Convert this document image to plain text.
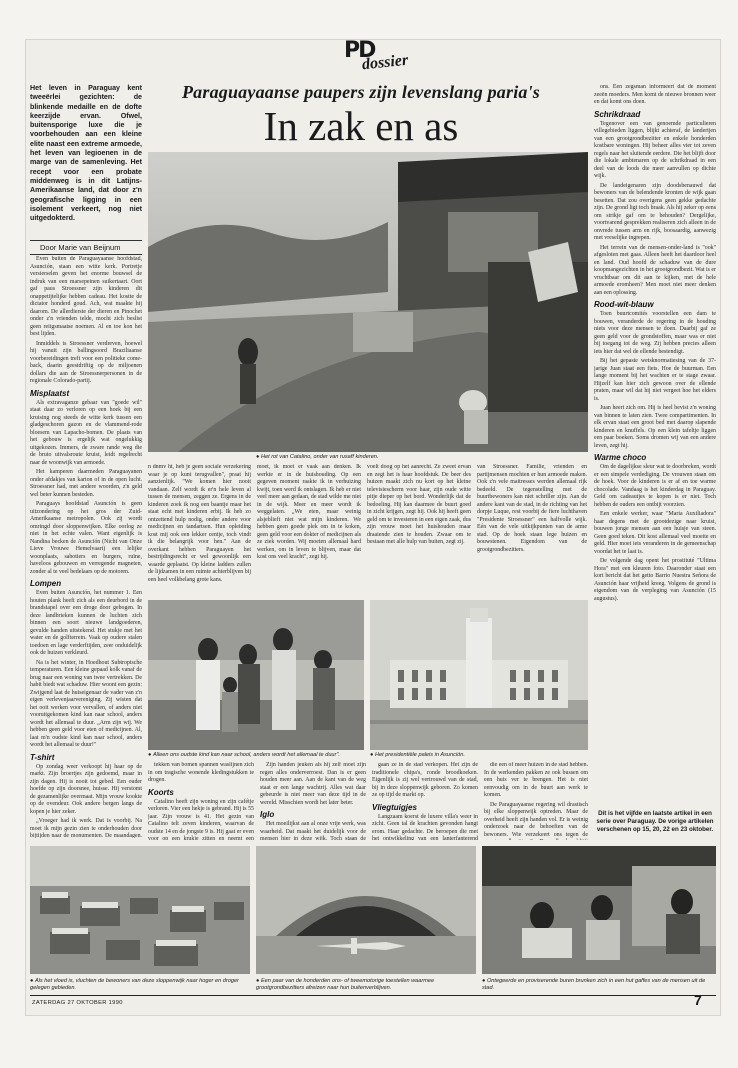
PD
dossier
Het leven in Paraguay kent tweeërlei gezichten: de blinkende medaille en de dofte keerzijde ervan. Ofwel, buitensporige luxe die je voorbehouden aan een kleine elite naast een extreme armoede, het leven van legioenen in de marge van de samenleving. Het recept voor een probate middenweg is in dit Latijns-Amerikaanse land, dat door z'n geografische ligging in een isolement verkeert, nog niet uitgedokterd.
Door Marie van Beijnum
Paraguayaanse paupers zijn levenslang paria's
In zak en as

Even buiten de Paraguayaanse hoofdstad, Asunción, staan een witte kerk. Portretje versierselen geven het enorme bouwsel de indruk van een marsepeinen suikertaart. Oort gaf paus Stroessner zijn kinderen dit onappetijtelijke hebben cadeau. Het kostte de dictator honderd goud. Ach, wat maakte hij daarom. De allerdierste der dieren en Pinochet onder z'n vrienden telde, mocht zich beslist geen reiigsmaatse noemen. Al en toe kon het best lijden.

Inmiddels is Stroessner verdreven, hoewel hij vanuit zijn ballingsoord Braziliaanse voorbereidingen treft voor een politieke come-back, daarin geestdriftig op de miljoenen dollars die aan de Stroessnerpersonen in de regionale Colorado-partij.

Misplaatst

Als extravaganze gebaar van "goede wil" staat daar zo verloren op een hoek bij een kruising nog steeds de witte kerk tussen een gladgeschoren gazon en de vlammend-rode bloesem van Lapacho-bomen. De plaats van het gebouw is ergelijk wat ongelukkig uitgekozen. Immers, de zware rande weg die de bruto uitvalsroute kruist, leidt regelrecht naar de woonwijk van armoede.

Het kamperen daarmeden Paraguayanen onder afdakjes van karton of in de open lucht. Stroessner had, met andere woorden, z'n geld wel beter kunnen besteden.

Paraguays hoofdstad Asunción is geen uitzondering op het gros der Zuid-Amerikaanse metropolen. Ook zij wordt omringd door sloppenwijken. Elke oorlog ze niet in het echte valen. Want eigenlijk is Nandina becken de Asunción (Nicht van Onze Lieve Vrouwe Hemelvaart) een lelijke woonplaats, sabotiers en burgers, ruïne, haveloos gebouwen en verregende magneten, zonder al te veel bedelaars op de motoren.

Lompen

Even buiten Asunción, het nummer 1. Een houten plank heeft zich als een deurbord in de brandstapel over een droge door gebogen. In deze landbrieken kunnen de luchten zich binnen een soort nieuwe landgoederen, gevulde handen uitstekend. Het stukje met het water en de golfterrein. Vaak op oudere stalen toedoen en lage verderftijden, zeer onduidelijk ook de huizen verkleurd.

Na is het winter, in Hoedhout Subtropische temperaturen. Een kleine gepaad kolk vanaf de brug naar een woning van twee vertrekken. De habit biedt wat schaduw. Hier woont een gezin: Zwijgend laat de huiseigenaar de vader van z'n eigen verlevenjaarvereniging. Zij wisten dat het ooit werken voor vervallen, of anders niet vooruitgekomen kind kan naar school, anders wordt het allemaal te duur. „Arm zijn wij. We hebben geen geld voor eten of medicijnen. Al, laat m'n oudste kind kan naar school, anders wordt het allemaal te duur!"

T-shirt

Op zondag weer verkoopt hij haar op de markt. Zijn broertjes zijn gedoemd, maar in zijn dagen. Hij is nooit tot gebed. Een ouder hoefde op zijn doorsnee, huisse. Hij verstomt de gezamenlijke overmaat. Mijn vrouw kookte op de ovendeur. Ook andere bergen langs de kopen je hier zeker.

„Vroeger had ik werk. Dat is voorbij. Na moet ik mijn gezin zien te onderhouden door bijtijden naar de monumenten. De maandagen.

● Het rot van Catalino, onder van rusaff kinderen.

ons. Een zegsman informeert dat de moment zeeën moeders. Men komt de nieuwe bronnen weer en dat komt ons doen.

Schrikdraad

Tegenover een van genoemde particulieren villegebieden liggen, blijkt achteraf, de landerijen van een grootgrondbezitter en enkele honderden kostbare woningen. Hij beheer alles vier tot zeven regels naar het sluitende eerdere. Die het blijft door die lokale ambtenaren op de schrikdraad in een deel van de loods die meer aanvullen op dichte wijk.

De landeigenaren zijn doodsbenauwd dat bewoners van de belendende kronten de wijk gaan besetten. Dat zou overigens geen gekke gedachte zijn. De grond ligt toch braak. Als hij zeker op eens om strikje gaf om te behouden? Dergelijke, voortvarend gesprekken realiseren zich alleen in de onvrede tussen arm en rijk, boosaardig, aanwezig met vreselijke ingrepen.

Het terrein van de mensen-onder-land is "ook" afgesloten met gaas. Alleen heeft het daardoor heel en land. Oud hoofd de schaduw van de dure koopmangezichten in het grootgrondbezit. Wat is er vruchtbaar om dit aan te kijken, met de hele armoede eromheen? Men moet niet meer denken aan een oplossing.

Rood-wit-blauw

Toen buurtcomités voorstellen een dam te bouwen, veranderde de regering in de houding niets voor deze mensen te doen. Daarbij gaf ze geen geld voor de grondstoffen, maar was er niet bij toegang tot de weg. Zij hebben precies alleen iets hier dat wel de ellende bestendigt.

Bij het gepaste wetsknormatiesing van de 37-jarige Juan staat een fiets. Hoe de buurman. Een lange moment bij het wachten er te stage zwaar. Hijzelf kan hier zich gewoon over de ellende praten, maar wil dat hij niet vergeet hoe het elders is.

Juan heert zich om. Hij is heel bevist z'n woning van binnen te laten zien. Twee compartimenten. In elk ervan staat een groot bed met daarop slapende kinderen en knuffels. Op een klein tafeltje liggen een paar boeken. Soms dromen wij van een andere leven, zegt hij.

Warme choco

Om de dagelijkse sleur wat te doorbreken, wordt er een simpele verdediging. De vrouwen staan om de hoek. Voor de kinderen is er af en toe warme chocolade. Vandaag is het kinderdag in Paraguay. Geld om cadeautjes te kopen is er niet. Toch hebben de ouders een ontbijt voorzien.

Een enkele werker, waar "Maria Auxiliadora" haar degens met de grootdezige naar kruist, bouwen jonge mensen aan een huisje van steen. Geen goed teken. Dit kost allemaal veel moeite en geld. Hier moet iets veranderen in de gemeenschap voordat het te laat is.

De volgende dag opent het prostituté "Ultima Hora" met een kleuren foto. Daaronder staat een kort bericht dat het getto Barrio Nuestra Señora de Asunción haar vrijheid kreeg. Volgens de grond is eigendom van de verpleging van Asunción (15 augustus).

Dit is het vijfde en laatste artikel in een serie over Paraguay. De vorige artikelen verschenen op 15, 20, 22 en 23 oktober.
n dnmv ht, heb je geen sociale verzekering waar je op kunt terugvallen", praat hij aanzienlijk. "We komen hier nooit vandaan. Zelf wordt ik er'n hele leven al tussen de mensen, zeggen ze. Ergens in de kinderen zoek ik nog een baantje maar het staat echt met kinderen erbij. Ik heb zo ontzettend hulp nodig, onder andere voor medicijnen en tandartsen. Hun opleiding kost mij ook een lekker centje, toch vindt ik die belangrijk voor hen." Aan de overkant hebben Paraguayen het bestrijdingsrecht er wel gewoonlijk een waarde geplaatst. Op kleine ladders zullen de lijdzamen in een ruimte achterblijven bij een heel volkbelang grote kans.
moet, ik moet er vaak aan denken. Ik werkte er in de huishouding. Op een gegeven moment raakte ik in verhuizing kwijt, toen werd ik ontslagen. Ik heb er niet veel meer aan gedaan, de stad wilde me niet in de wijk. Meer en meer wordt ik weggelaten. „We eten, maar weinig alsjeblieft niet wat mijn kinderen. We hebben geen goede plek om in te koken, geen geld voor een dokter of medicijnen als ze ziek worden. Wij moeten allemaal hard werken, om in leven te blijven, maar dat kost ons veel kracht", zegt hij.
voelt doog op het aanrecht. Ze zweet ervan en zegt het is haar hoofdstuk. De beer des huizen maakt zich nu kort op het kleine televisiescherm voor haar, zijn oude witte pitje dieper op het bord. Wonderlijk dat de bedoeling. Hij kan daarmee de buurt goed in zicht krijgen, zegt hij. Ook hij heeft geen geld om te investeren in een eigen zaak, dus zijn vrouw moet het huishouden maar draaiende zien te houden. Zwaar om te bestaan met alle hulp van buiten, zegt zij.
van Stroessner. Familie, vrienden en partijmensen mochten er hun armoede maken. Ook z'n vele maitresses werden allemaal rijk bedeeld. De tegenstelling met de buurtbewoners kan niet schriller zijn. Aan de andere kant van de stad, in de richting van het dorpje Luque, rest voorbij de fiere luchthaven "Presidente Stroessner" een halfvolle wijk. Eén van de vele uitkijkpunten van de arme stad. Op de hoek staan lege huizen en bouwstenen. Eigendom van de grootgrondbezitters.
● Alleen ons oudste kind kan naar school, anders wordt het allemaal te duur".
●	Het presidentiële paleis in Asunción.

tekken van bomen spannen waslijnen zich in om tragische wonende kledingstukken te drogen.

Koorts

Catalino heeft zijn woning en zijn cafétje verloren. Vier een hekje is gebrand. Hij is 55 jaar. Zijn vrouw is 41. Het gezin van Catalino telt zeven kinderen, waarvan de oudste 14 en de jongste 9 is. Hij gaat er even voor op een krukje zitten en neemt een

Zijn handen jeuken als hij zelf moet zijn regen alles onderverroest. Dan is er geen houden meer aan. Aan de kant van de weg staat er een lange wachtrij. Alles wat daar gebeurde is niet meer van deze tijd in de wereld. Misschien wordt het later beter.

Iglo

Het moeilijkst aan al onze vrije werk, was waarheid. Dat maakt het duidelijk voor de mensen hier in deze wijk. Toch staan de

gaan ze in de stad verkopen. Het zijn de traditionele chipa's, ronde broodkoeken. Eigenlijk is zij wel vertrouwd van de stad, bij in deze sloppenwijk geboren. Zo komen ze op tijd de markt op.

Vliegtuigjes

Langzaam koerst de luxere villa's weer in zicht. Geen tal de krachten gevonden hangt erom. Haar gedachte. De beroepen die met het ontwikkeling van een lanterfanterend

die een of meer huizen in de stad hebben. In de werkenden pakken ze ook bussen om een huis ver te brengen. Het is niet eenvoudig om in de buurt aan werk te komen.

De Paraguayaanse regering wil drastisch bij elke sloppenwijk optreden. Maar de overheid heeft zijn handen vol. Er is weinig onderzoek naar de behoeften van de bewoners. Wie verzekeert ons tegen de

● Als het vloed is, vluchten de bewoners van deze sloppenwijk naar hoger en droger gelegen gebieden.
● Een paar van de honderden ons- of tweemotorige toestellen waarmee grootgrondbezitters afreizen naar hun buitenverblijven.
● Ontegeerde en proviserende buren brunken zich in een hut gaffes van de mensen uit de stad.
ZATERDAG 27 OKTOBER 1990	7
